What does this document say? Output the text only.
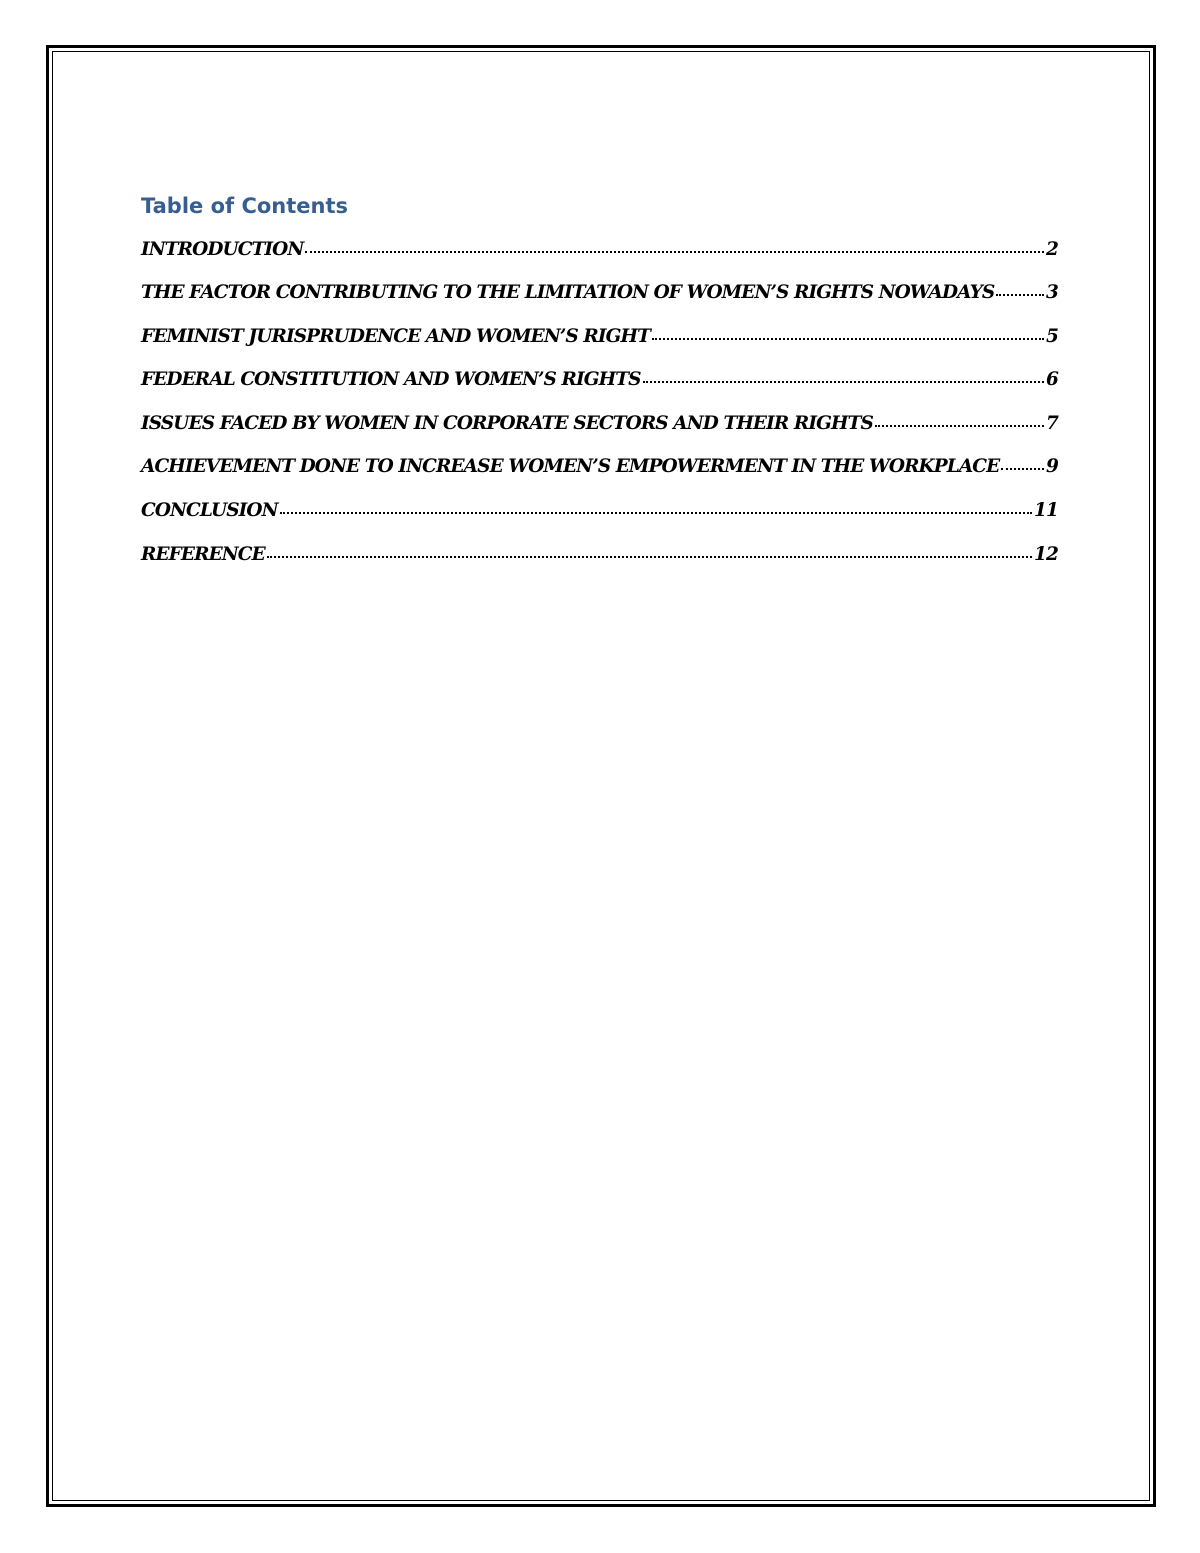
Table of Contents
INTRODUCTION	2
THE FACTOR CONTRIBUTING TO THE LIMITATION OF WOMEN’S RIGHTS NOWADAYS	3
FEMINIST JURISPRUDENCE AND WOMEN’S RIGHT	5
FEDERAL CONSTITUTION AND WOMEN’S RIGHTS	6
ISSUES FACED BY WOMEN IN CORPORATE SECTORS AND THEIR RIGHTS	7
ACHIEVEMENT DONE TO INCREASE WOMEN’S EMPOWERMENT IN THE WORKPLACE	9
CONCLUSION	11
REFERENCE	12
